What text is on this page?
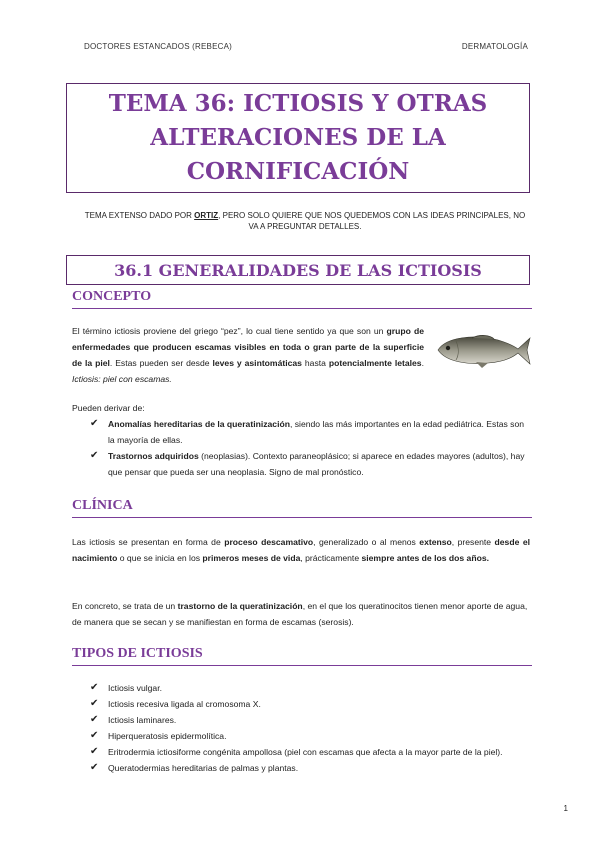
DOCTORES ESTANCADOS (REBECA)	DERMATOLOGÍA
TEMA 36: ICTIOSIS Y OTRAS ALTERACIONES DE LA CORNIFICACIÓN
TEMA EXTENSO DADO POR ORTIZ, PERO SOLO QUIERE QUE NOS QUEDEMOS CON LAS IDEAS PRINCIPALES, NO VA A PREGUNTAR DETALLES.
36.1 GENERALIDADES DE LAS ICTIOSIS
CONCEPTO
El término ictiosis proviene del griego “pez”, lo cual tiene sentido ya que son un grupo de enfermedades que producen escamas visibles en toda o gran parte de la superficie de la piel. Estas pueden ser desde leves y asintomáticas hasta potencialmente letales. Ictiosis: piel con escamas.
Pueden derivar de:
✔ Anomalías hereditarias de la queratinización, siendo las más importantes en la edad pediátrica. Estas son la mayoría de ellas.
✔ Trastornos adquiridos (neoplasias). Contexto paraneoplásico; si aparece en edades mayores (adultos), hay que pensar que pueda ser una neoplasia. Signo de mal pronóstico.
CLÍNICA
Las ictiosis se presentan en forma de proceso descamativo, generalizado o al menos extenso, presente desde el nacimiento o que se inicia en los primeros meses de vida, prácticamente siempre antes de los dos años.
En concreto, se trata de un trastorno de la queratinización, en el que los queratinocitos tienen menor aporte de agua, de manera que se secan y se manifiestan en forma de escamas (serosis).
TIPOS DE ICTIOSIS
✔ Ictiosis vulgar.
✔ Ictiosis recesiva ligada al cromosoma X.
✔ Ictiosis laminares.
✔ Hiperqueratosis epidermolítica.
✔ Eritrodermia ictiosiforme congénita ampollosa (piel con escamas que afecta a la mayor parte de la piel).
✔ Queratodermias hereditarias de palmas y plantas.
1
